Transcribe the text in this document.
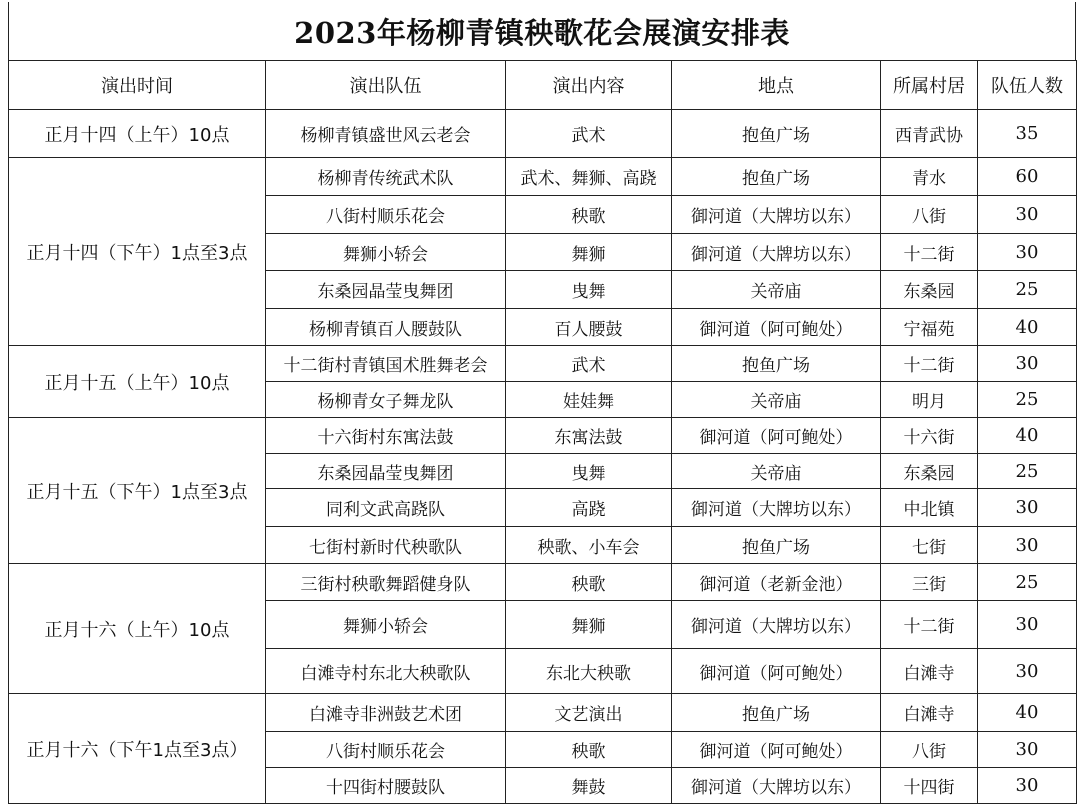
2023年杨柳青镇秧歌花会展演安排表
演出时间	演出队伍	演出内容	地点	所属村居	队伍人数
正月十四（上午）10点	杨柳青镇盛世风云老会	武术	抱鱼广场	西青武协	35
正月十四（下午）1点至3点	杨柳青传统武术队	武术、舞狮、高跷	抱鱼广场	青水	60
	八街村顺乐花会	秧歌	御河道（大牌坊以东）	八街	30
	舞狮小轿会	舞狮	御河道（大牌坊以东）	十二街	30
	东桑园晶莹曳舞团	曳舞	关帝庙	东桑园	25
	杨柳青镇百人腰鼓队	百人腰鼓	御河道（阿可鲍处）	宁福苑	40
正月十五（上午）10点	十二街村青镇国术胜舞老会	武术	抱鱼广场	十二街	30
	杨柳青女子舞龙队	娃娃舞	关帝庙	明月	25
正月十五（下午）1点至3点	十六街村东寓法鼓	东寓法鼓	御河道（阿可鲍处）	十六街	40
	东桑园晶莹曳舞团	曳舞	关帝庙	东桑园	25
	同利文武高跷队	高跷	御河道（大牌坊以东）	中北镇	30
	七街村新时代秧歌队	秧歌、小车会	抱鱼广场	七街	30
正月十六（上午）10点	三街村秧歌舞蹈健身队	秧歌	御河道（老新金池）	三街	25
	舞狮小轿会	舞狮	御河道（大牌坊以东）	十二街	30
	白滩寺村东北大秧歌队	东北大秧歌	御河道（阿可鲍处）	白滩寺	30
正月十六（下午1点至3点）	白滩寺非洲鼓艺术团	文艺演出	抱鱼广场	白滩寺	40
	八街村顺乐花会	秧歌	御河道（阿可鲍处）	八街	30
	十四街村腰鼓队	舞鼓	御河道（大牌坊以东）	十四街	30
